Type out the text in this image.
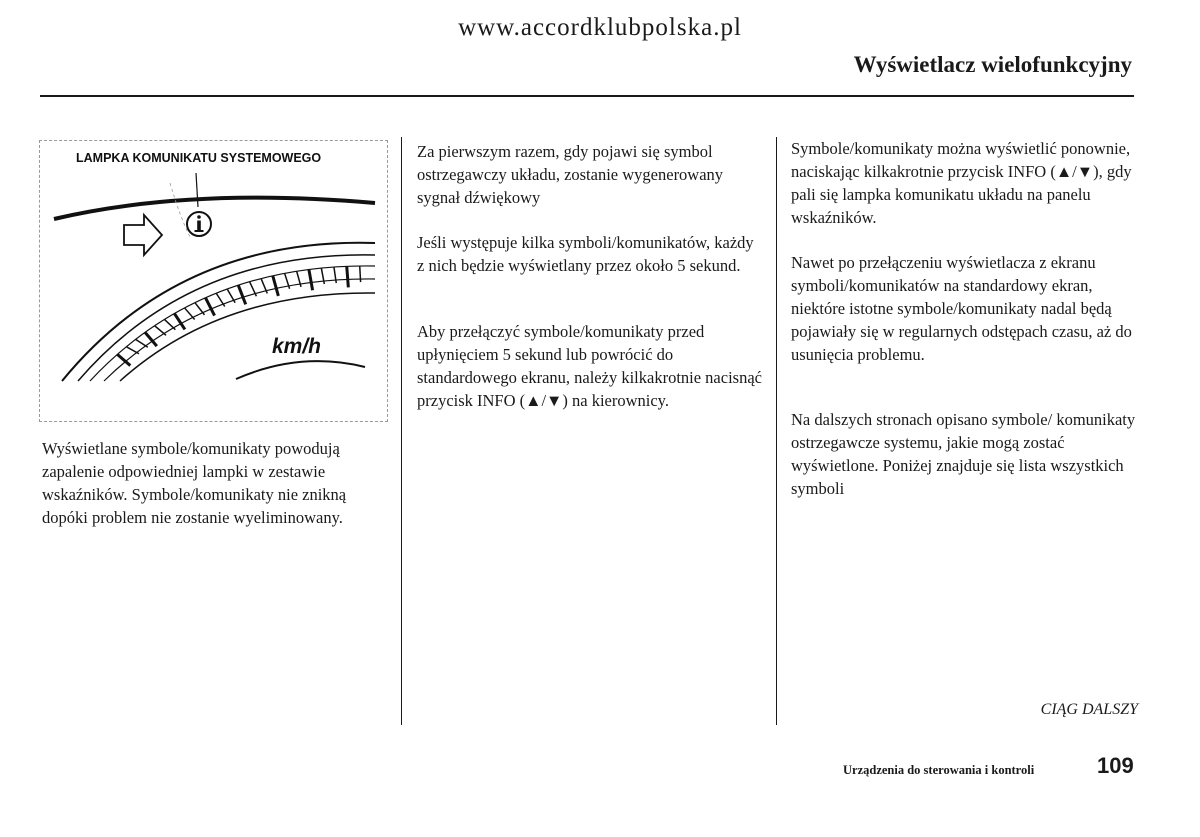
www.accordklubpolska.pl
Wyświetlacz wielofunkcyjny
LAMPKA KOMUNIKATU SYSTEMOWEGO
km/h

Wyświetlane symbole/komunikaty powodują zapalenie odpowiedniej lampki w zestawie wskaźników. Symbole/komunikaty nie znikną dopóki problem nie zostanie wyeliminowany.

Za pierwszym razem, gdy pojawi się symbol ostrzegawczy układu, zostanie wygenerowany sygnał dźwiękowy

Jeśli występuje kilka symboli/komunikatów, każdy z nich będzie wyświetlany przez około 5 sekund.

Aby przełączyć symbole/komunikaty przed upłynięciem 5 sekund lub powrócić do standardowego ekranu, należy kilkakrotnie nacisnąć przycisk INFO (▲/▼) na kierownicy.

Symbole/komunikaty można wyświetlić ponownie, naciskając kilkakrotnie przycisk INFO (▲/▼), gdy pali się lampka komunikatu układu na panelu wskaźników.

Nawet po przełączeniu wyświetlacza z ekranu symboli/komunikatów na standardowy ekran, niektóre istotne symbole/komunikaty nadal będą pojawiały się w regularnych odstępach czasu, aż do usunięcia problemu.

Na dalszych stronach opisano symbole/ komunikaty ostrzegawcze systemu, jakie mogą zostać wyświetlone. Poniżej znajduje się lista wszystkich symboli

CIĄG DALSZY
Urządzenia do sterowania i kontroli	109
